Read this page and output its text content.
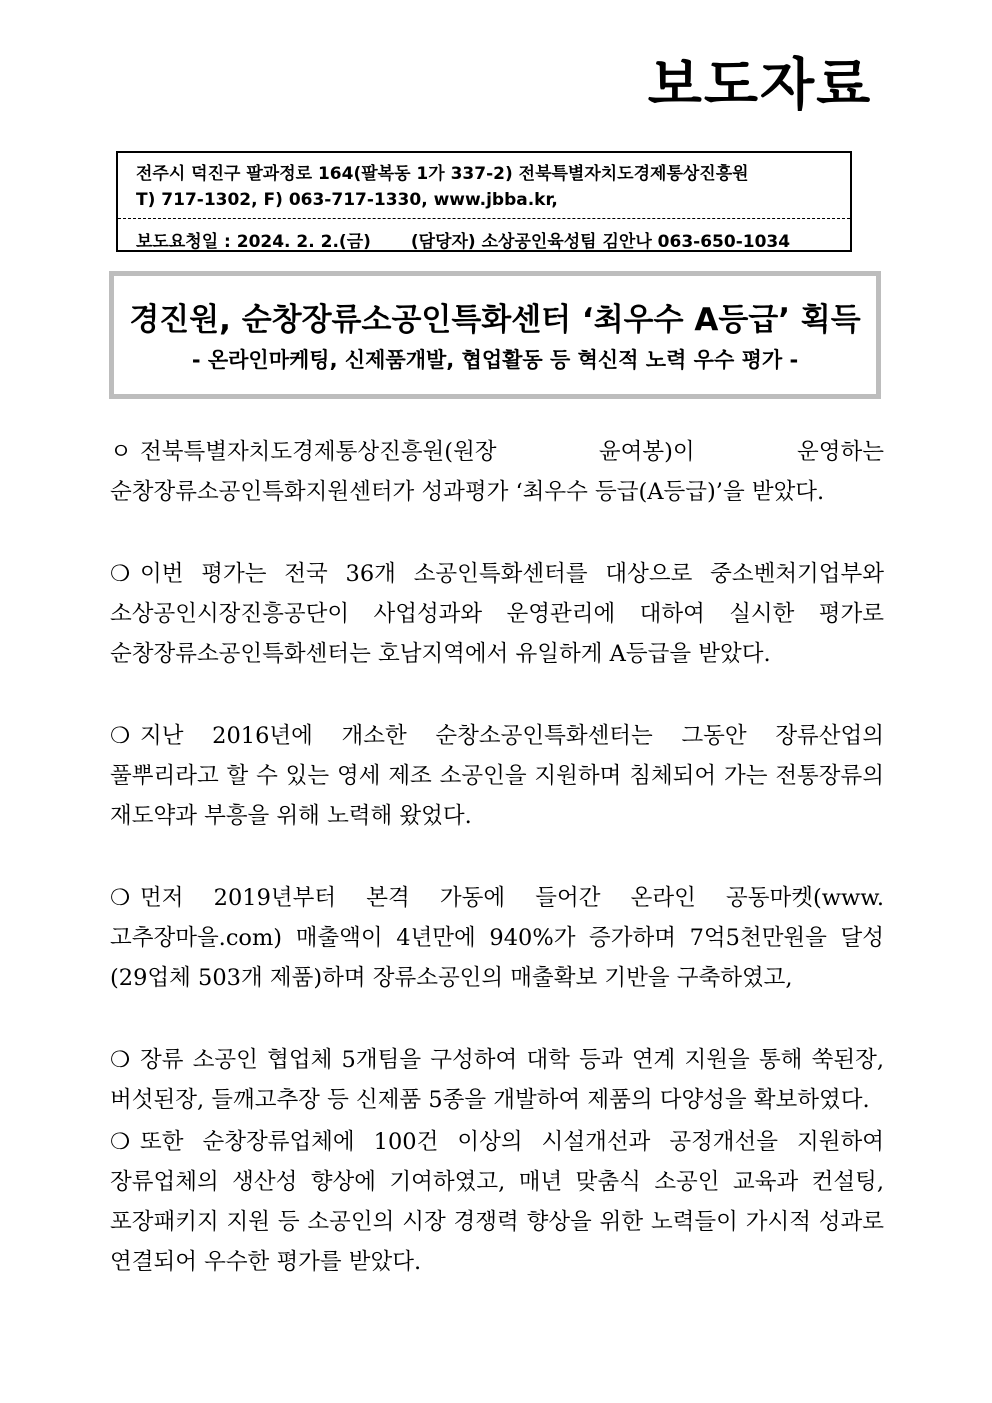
보도자료
전주시 덕진구 팔과정로 164(팔복동 1가 337-2) 전북특별자치도경제통상진흥원
T) 717-1302, F) 063-717-1330, www.jbba.kr,
보도요청일 : 2024. 2. 2.(금) (담당자) 소상공인육성팀 김안나 063-650-1034
경진원, 순창장류소공인특화센터 ‘최우수 A등급’ 획득

- 온라인마케팅, 신제품개발, 협업활동 등 혁신적 노력 우수 평가 -

ㅇ 전북특별자치도경제통상진흥원(원장 윤여봉)이 운영하는 순창장류소공인특화지원센터가 성과평가 ‘최우수 등급(A등급)’을 받았다.

❍ 이번 평가는 전국 36개 소공인특화센터를 대상으로 중소벤처기업부와 소상공인시장진흥공단이 사업성과와 운영관리에 대하여 실시한 평가로 순창장류소공인특화센터는 호남지역에서 유일하게 A등급을 받았다.

❍ 지난 2016년에 개소한 순창소공인특화센터는 그동안 장류산업의 풀뿌리라고 할 수 있는 영세 제조 소공인을 지원하며 침체되어 가는 전통장류의 재도약과 부흥을 위해 노력해 왔었다.

❍ 먼저 2019년부터 본격 가동에 들어간 온라인 공동마켓(www.고추장마을.com) 매출액이 4년만에 940%가 증가하며 7억5천만원을 달성(29업체 503개 제품)하며 장류소공인의 매출확보 기반을 구축하였고,

❍ 장류 소공인 협업체 5개팀을 구성하여 대학 등과 연계 지원을 통해 쑥된장, 버섯된장, 들깨고추장 등 신제품 5종을 개발하여 제품의 다양성을 확보하였다.

❍ 또한 순창장류업체에 100건 이상의 시설개선과 공정개선을 지원하여 장류업체의 생산성 향상에 기여하였고, 매년 맞춤식 소공인 교육과 컨설팅, 포장패키지 지원 등 소공인의 시장 경쟁력 향상을 위한 노력들이 가시적 성과로 연결되어 우수한 평가를 받았다.
